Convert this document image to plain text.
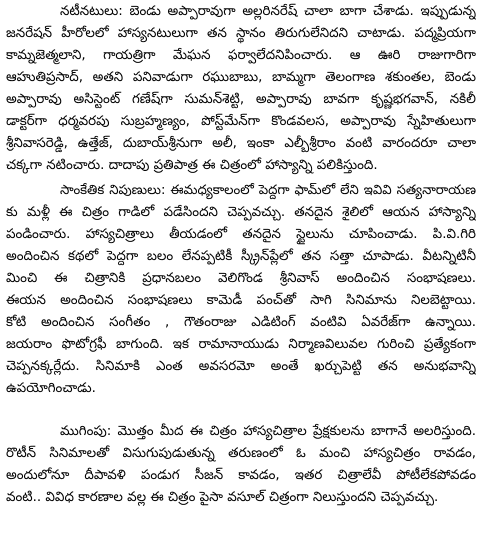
నటీనటులు: బెండు అప్పారావుగా అల్లరినరేష్ చాలా బాగా చేశాడు. ఇప్పుడున్న
జనరేషన్ హీరోలలో హాస్యనటులుగా తన స్థానం తిరుగులేనిదని చాటాడు. పద్మప్రియగా
కామ్నజెత్మలాని, గాయత్రిగా మేఘన ఫర్వాలేదనిపించారు. ఆ ఊరి రాజుగారిగా
ఆహుతిప్రసాద్, అతని పనివాడుగా రఘుబాబు, బామ్మగా తెలంగాణ శకుంతల, బెండు
అప్పారావు అసిస్టెంట్ గణేష్‌గా సుమన్‌శెట్టి, అప్పారావు బావగా కృష్ణభగవాన్, నకిలీ
డాక్టర్‌గా ధర్మవరపు సుబ్రహ్మణ్యం, పోస్ట్‌మేన్‌గా కొండవలస, అప్పారావు స్నేహితులుగా
శ్రీనివాసరెడ్డి, ఉత్తేజ్, దుబాయ్‌శ్రీనుగా అలీ, ఇంకా ఎల్బీశ్రీరాం వంటి వారందరూ చాలా
చక్కగా నటించారు. దాదాపు ప్రతిపాత్ర ఈ చిత్రంలో హాస్యాన్ని పలికిస్తుంది.
సాంకేతిక నిపుణులు: ఈమధ్యకాలంలో పెద్దగా ఫామ్‌లో లేని ఇవివి సత్యనారాయణ
కు మళ్లీ ఈ చిత్రం గాడిలో పడేసిందని చెప్పవచ్చు. తనదైన శైలిలో ఆయన హాస్యాన్ని
పండించారు. హాస్యచిత్రాలు తీయడంలో తనదైన స్టైలును చూపించాడు. పి.వి.గిరి
అందించిన కథలో పెద్దగా బలం లేనప్పటికీ స్క్రీన్‌ప్లేలో తన సత్తా చూపాడు. వీటన్నిటినీ
మించి ఈ చిత్రానికి ప్రధానబలం వెలిగొండ శ్రీనివాస్ అందించిన సంభాషణలు.
ఈయన అందించిన సంభాషణలు కామెడీ పంచ్‌తో సాగి సినిమాను నిలబెట్టాయి.
కోటి అందించిన సంగీతం , గౌతంరాజు ఎడిటింగ్ వంటివి ఏవరేజ్‌గా ఉన్నాయి.
జయరాం ఫొటోగ్రఫీ బాగుంది. ఇక రామానాయుడు నిర్మాణవిలువల గురించి ప్రత్యేకంగా
చెప్పనక్కర్లేదు. సినిమాకి ఎంత అవసరమో అంతే ఖర్చుపెట్టి తన అనుభవాన్ని
ఉపయోగించాడు.
ముగింపు: మొత్తం మీద ఈ చిత్రం హాస్యచిత్రాల ప్రేక్షకులను బాగానే అలరిస్తుంది.
రొటీన్ సినిమాలతో విసుగుపుడుతున్న తరుణంలో ఓ మంచి హాస్యచిత్రం రావడం,
అందులోనూ దీపావళి పండుగ సీజన్ కావడం, ఇతర చిత్రాలేవీ పోటీలేకపోవడం
వంటి.. వివిధ కారణాల వల్ల ఈ చిత్రం పైసా వసూల్ చిత్రంగా నిలుస్తుందని చెప్పవచ్చు.
